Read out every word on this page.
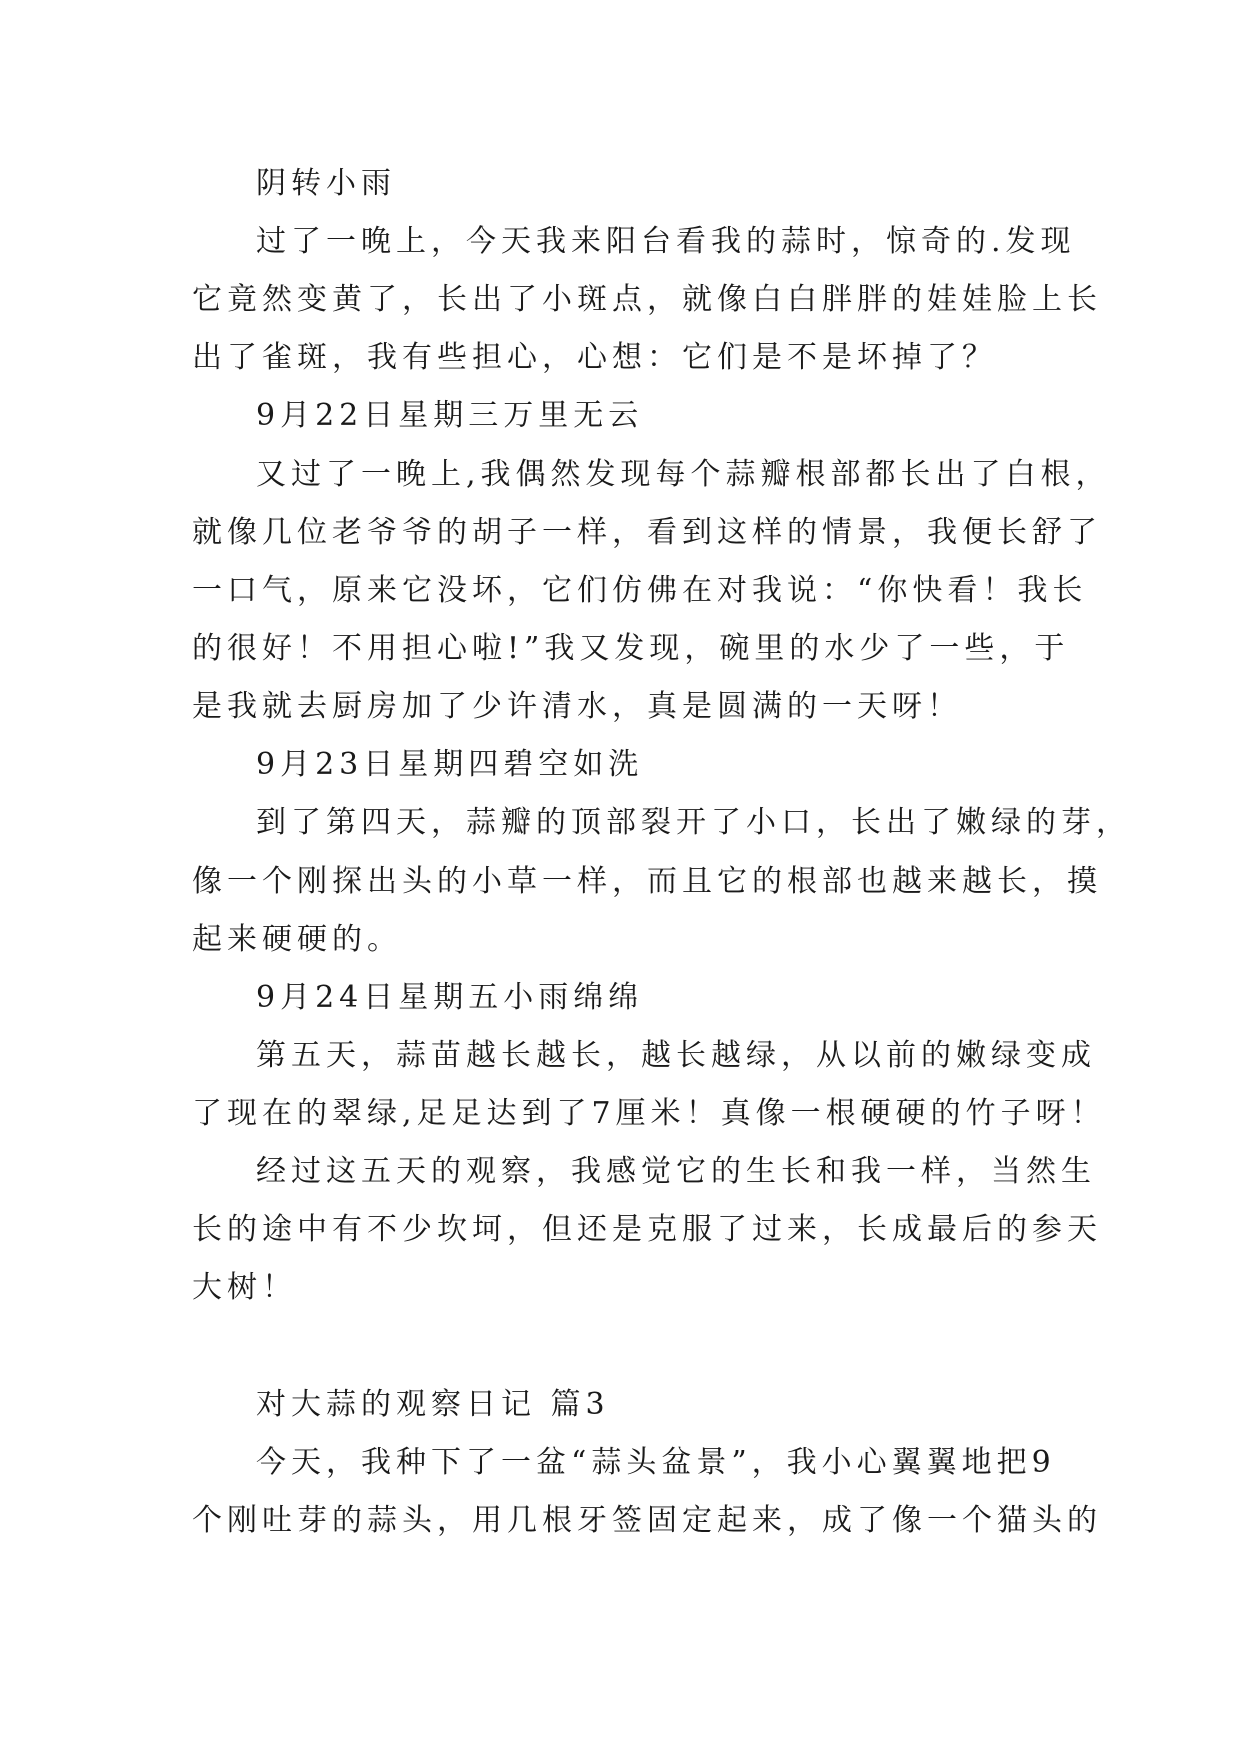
阴转小雨
过了一晚上，今天我来阳台看我的蒜时，惊奇的.发现
它竟然变黄了，长出了小斑点，就像白白胖胖的娃娃脸上长
出了雀斑，我有些担心，心想：它们是不是坏掉了？
9月22日星期三万里无云
又过了一晚上,我偶然发现每个蒜瓣根部都长出了白根，
就像几位老爷爷的胡子一样，看到这样的情景，我便长舒了
一口气，原来它没坏，它们仿佛在对我说：“你快看！我长
的很好！不用担心啦!”我又发现，碗里的水少了一些，于
是我就去厨房加了少许清水，真是圆满的一天呀！
9月23日星期四碧空如洗
到了第四天，蒜瓣的顶部裂开了小口，长出了嫩绿的芽，
像一个刚探出头的小草一样，而且它的根部也越来越长，摸
起来硬硬的。
9月24日星期五小雨绵绵
第五天，蒜苗越长越长，越长越绿，从以前的嫩绿变成
了现在的翠绿,足足达到了7厘米！真像一根硬硬的竹子呀！
经过这五天的观察，我感觉它的生长和我一样，当然生
长的途中有不少坎坷，但还是克服了过来，长成最后的参天
大树！
对大蒜的观察日记 篇3
今天，我种下了一盆“蒜头盆景”，我小心翼翼地把9
个刚吐芽的蒜头，用几根牙签固定起来，成了像一个猫头的
